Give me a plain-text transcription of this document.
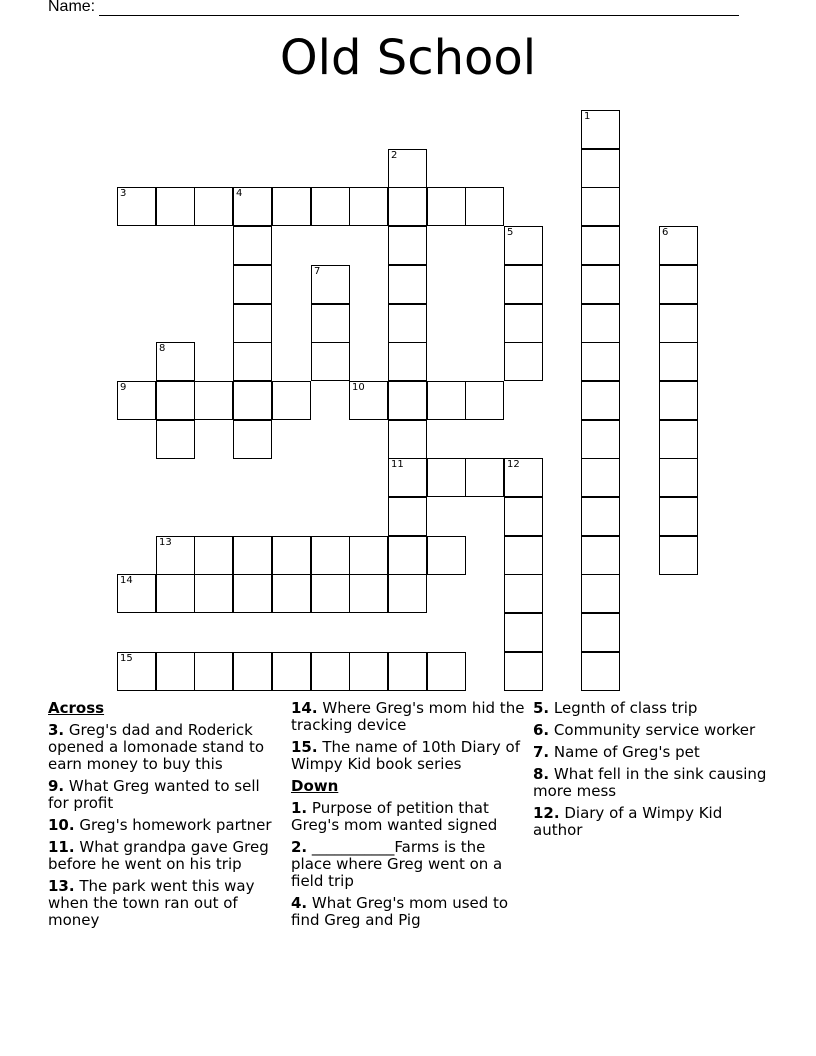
Name:
Old School
1
2
11
3	4
5	6
7
8
9	10
12
13
14
15
Across
3. Greg's dad and Roderick opened a lomonade stand to earn money to buy this
9. What Greg wanted to sell for profit
10. Greg's homework partner
11. What grandpa gave Greg before he went on his trip
13. The park went this way when the town ran out of money
14. Where Greg's mom hid the tracking device
15. The name of 10th Diary of Wimpy Kid book series
Down
1. Purpose of petition that Greg's mom wanted signed
2. ___________Farms is the place where Greg went on a field trip
4. What Greg's mom used to find Greg and Pig
5. Legnth of class trip
6. Community service worker
7. Name of Greg's pet
8. What fell in the sink causing more mess
12. Diary of a Wimpy Kid author
